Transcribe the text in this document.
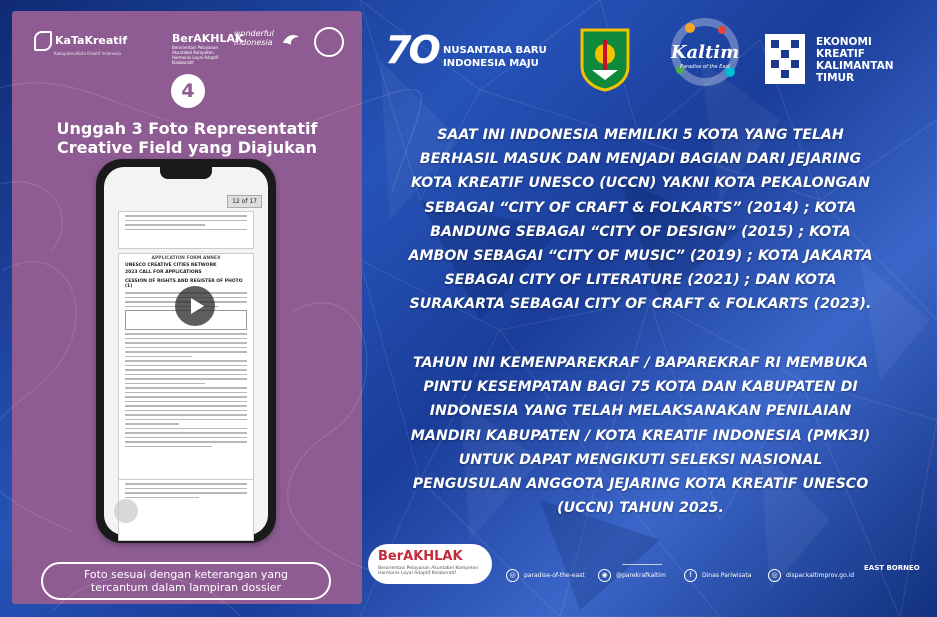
KaTaKreatif
Kabupaten/Kota Kreatif Indonesia
BerAKHLAK
Berorientasi Pelayanan Akuntabel Kompeten Harmonis Loyal Adaptif Kolaboratif
wonderful
indonesia
4
Unggah 3 Foto Representatif
Creative Field yang Diajukan
12 of 17
APPLICATION FORM ANNEX
UNESCO CREATIVE CITIES NETWORK
2023 CALL FOR APPLICATIONS
CESSION OF RIGHTS AND REGISTER OF PHOTO (1)
Foto sesuai dengan keterangan yang tercantum dalam lampiran dossier
7O NUSANTARA BARU
INDONESIA MAJU
Kaltim
Paradise of the East
EKONOMI
KREATIF
KALIMANTAN
TIMUR
SAAT INI INDONESIA MEMILIKI 5 KOTA YANG TELAH BERHASIL MASUK DAN MENJADI BAGIAN DARI JEJARING KOTA KREATIF UNESCO (UCCN) YAKNI KOTA PEKALONGAN SEBAGAI “CITY OF CRAFT & FOLKARTS” (2014) ; KOTA BANDUNG SEBAGAI “CITY OF DESIGN” (2015) ; KOTA AMBON SEBAGAI “CITY OF MUSIC” (2019) ; KOTA JAKARTA SEBAGAI CITY OF LITERATURE (2021) ; DAN KOTA SURAKARTA SEBAGAI CITY OF CRAFT & FOLKARTS (2023).
TAHUN INI KEMENPAREKRAF / BAPAREKRAF RI MEMBUKA PINTU KESEMPATAN BAGI 75 KOTA DAN KABUPATEN DI INDONESIA YANG TELAH MELAKSANAKAN PENILAIAN MANDIRI KABUPATEN / KOTA KREATIF INDONESIA (PMK3I) UNTUK DAPAT MENGIKUTI SELEKSI NASIONAL PENGUSULAN ANGGOTA JEJARING KOTA KREATIF UNESCO (UCCN) TAHUN 2025.
BerAKHLAK
Berorientasi Pelayanan Akuntabel Kompeten Harmonis Loyal Adaptif Kolaboratif	◎ paradise-of-the-east	◉ @parekrafkaltim	f Dinas Pariwisata	◎ dispar.kaltimprov.go.id
EAST BORNEO
